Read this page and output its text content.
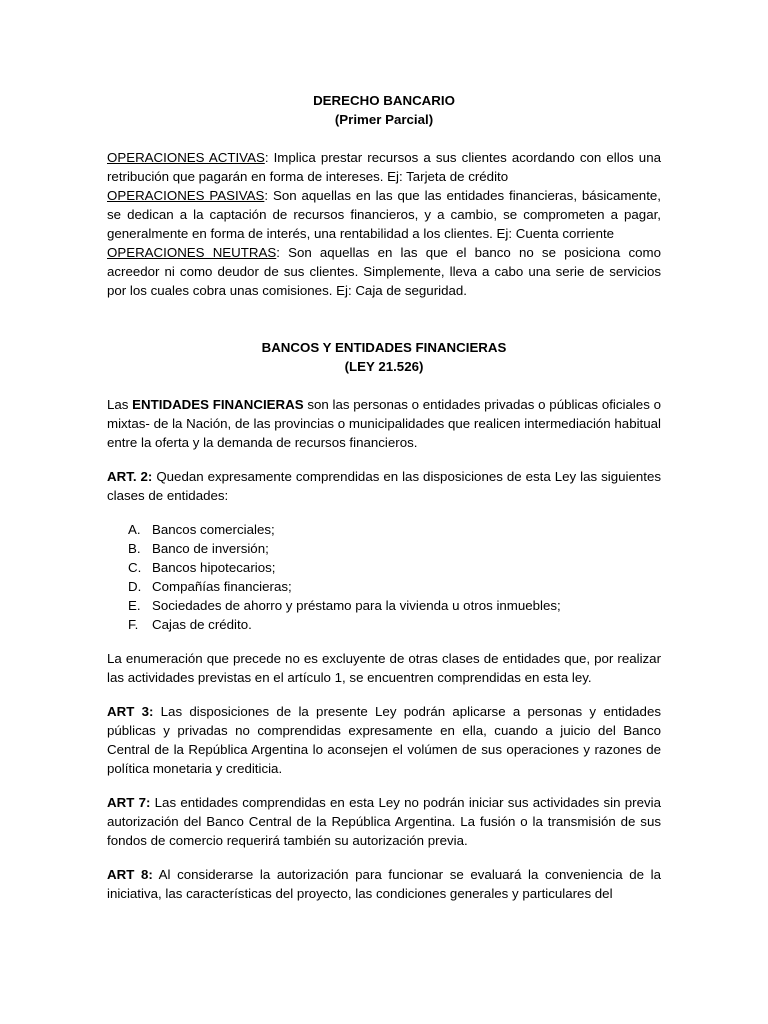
DERECHO BANCARIO
(Primer Parcial)

OPERACIONES ACTIVAS: Implica prestar recursos a sus clientes acordando con ellos una retribución que pagarán en forma de intereses. Ej: Tarjeta de crédito

OPERACIONES PASIVAS: Son aquellas en las que las entidades financieras, básicamente, se dedican a la captación de recursos financieros, y a cambio, se comprometen a pagar, generalmente en forma de interés, una rentabilidad a los clientes. Ej: Cuenta corriente

OPERACIONES NEUTRAS: Son aquellas en las que el banco no se posiciona como acreedor ni como deudor de sus clientes. Simplemente, lleva a cabo una serie de servicios por los cuales cobra unas comisiones. Ej: Caja de seguridad.

BANCOS Y ENTIDADES FINANCIERAS
(LEY 21.526)

Las ENTIDADES FINANCIERAS son las personas o entidades privadas o públicas oficiales o mixtas- de la Nación, de las provincias o municipalidades que realicen intermediación habitual entre la oferta y la demanda de recursos financieros.

ART. 2: Quedan expresamente comprendidas en las disposiciones de esta Ley las siguientes clases de entidades:

A. Bancos comerciales;
B. Banco de inversión;
C. Bancos hipotecarios;
D. Compañías financieras;
E. Sociedades de ahorro y préstamo para la vivienda u otros inmuebles;
F.	Cajas de crédito.

La enumeración que precede no es excluyente de otras clases de entidades que, por realizar las actividades previstas en el artículo 1, se encuentren comprendidas en esta ley.

ART 3: Las disposiciones de la presente Ley podrán aplicarse a personas y entidades públicas y privadas no comprendidas expresamente en ella, cuando a juicio del Banco Central de la República Argentina lo aconsejen el volúmen de sus operaciones y razones de política monetaria y crediticia.

ART 7: Las entidades comprendidas en esta Ley no podrán iniciar sus actividades sin previa autorización del Banco Central de la República Argentina. La fusión o la transmisión de sus fondos de comercio requerirá también su autorización previa.

ART 8: Al considerarse la autorización para funcionar se evaluará la conveniencia de la iniciativa, las características del proyecto, las condiciones generales y particulares del
